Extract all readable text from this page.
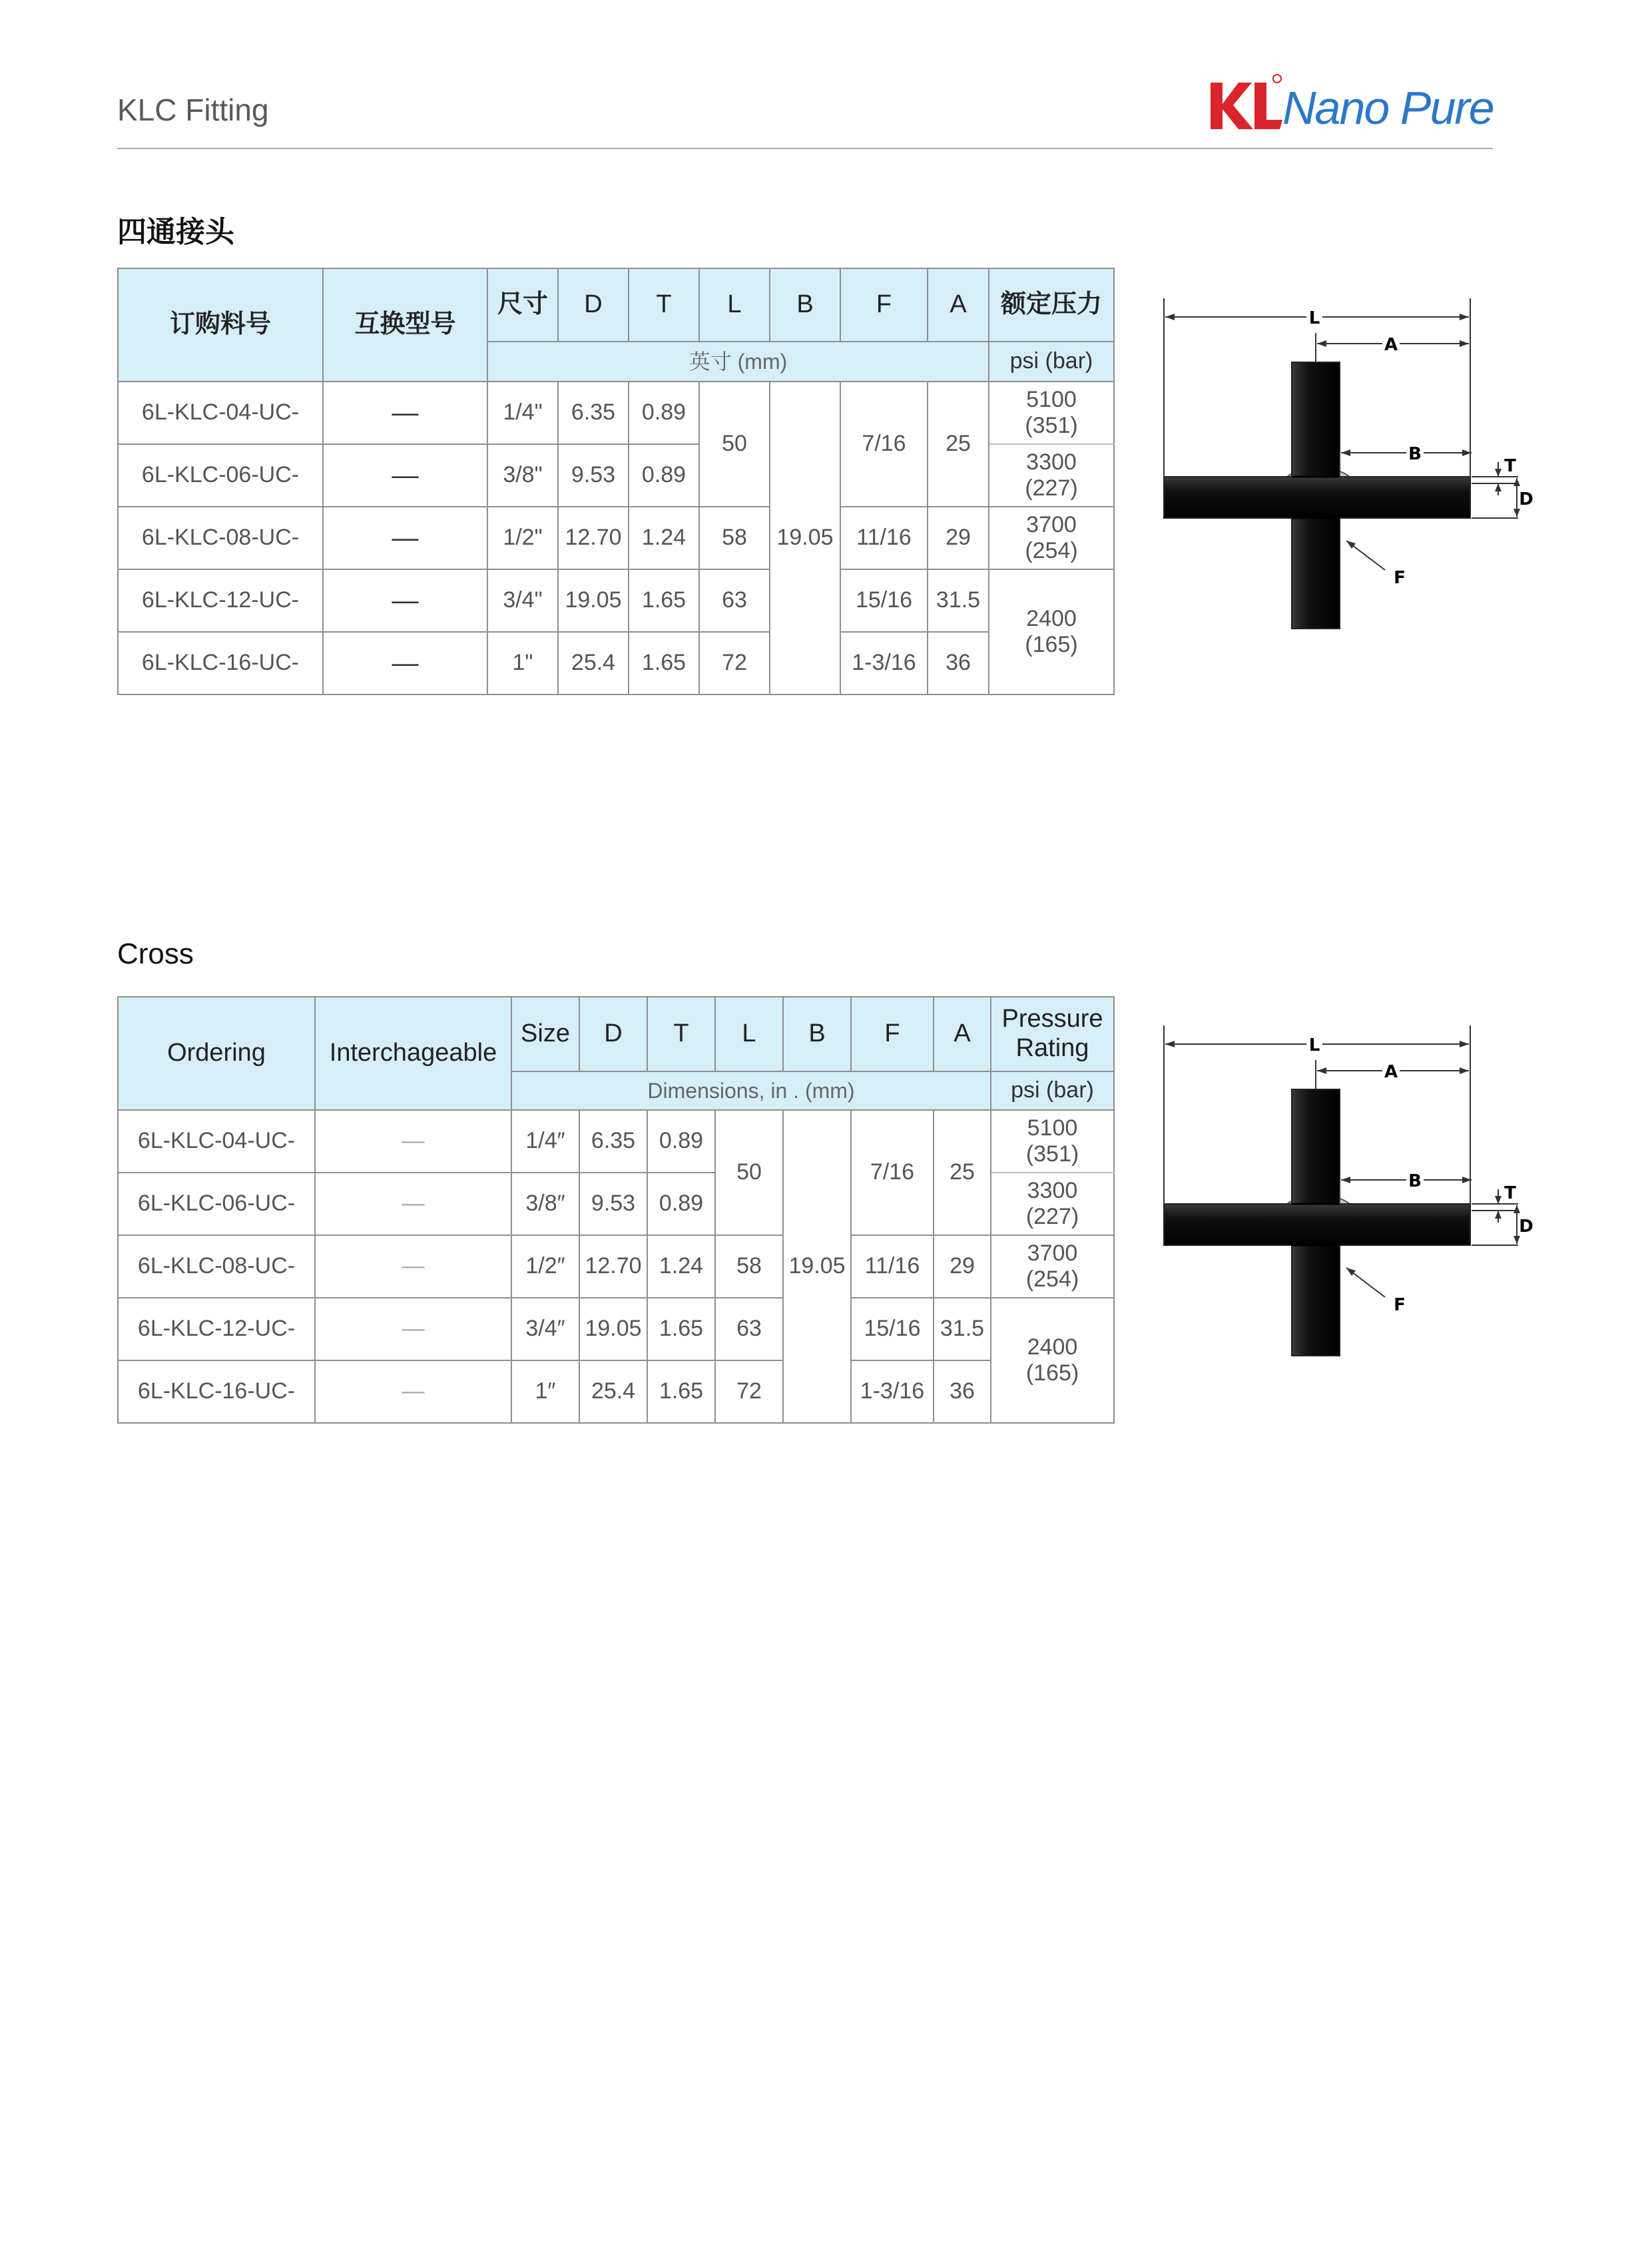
KLC Fitting	Nano Pure
四通接头
订购料号	互换型号	尺寸	D	T	L	B	F	A	额定压力
		英寸 (mm)							psi (bar)
6L-KLC-04-UC-	—	1/4"	6.35	0.89	50	19.05	7/16	25	5100
(351)
6L-KLC-06-UC-	—	3/8"	9.53	0.89					3300
(227)
6L-KLC-08-UC-	—	1/2"	12.70	1.24	58		11/16	29	3700
(254)
6L-KLC-12-UC-	—	3/4"	19.05	1.65	63		15/16	31.5	2400
(165)
6L-KLC-16-UC-	—	1"	25.4	1.65	72		1-3/16	36	
L
A
B
T
D
F
Cross
Ordering	Interchageable	Size	D	T	L	B	F	A	Pressure
Rating
		Dimensions, in . (mm)							psi (bar)
6L-KLC-04-UC-	—	1/4″	6.35	0.89	50	19.05	7/16	25	5100
(351)
6L-KLC-06-UC-	—	3/8″	9.53	0.89					3300
(227)
6L-KLC-08-UC-	—	1/2″	12.70	1.24	58		11/16	29	3700
(254)
6L-KLC-12-UC-	—	3/4″	19.05	1.65	63		15/16	31.5	2400
(165)
6L-KLC-16-UC-	—	1″	25.4	1.65	72		1-3/16	36	
L
A
B
T
D
F
